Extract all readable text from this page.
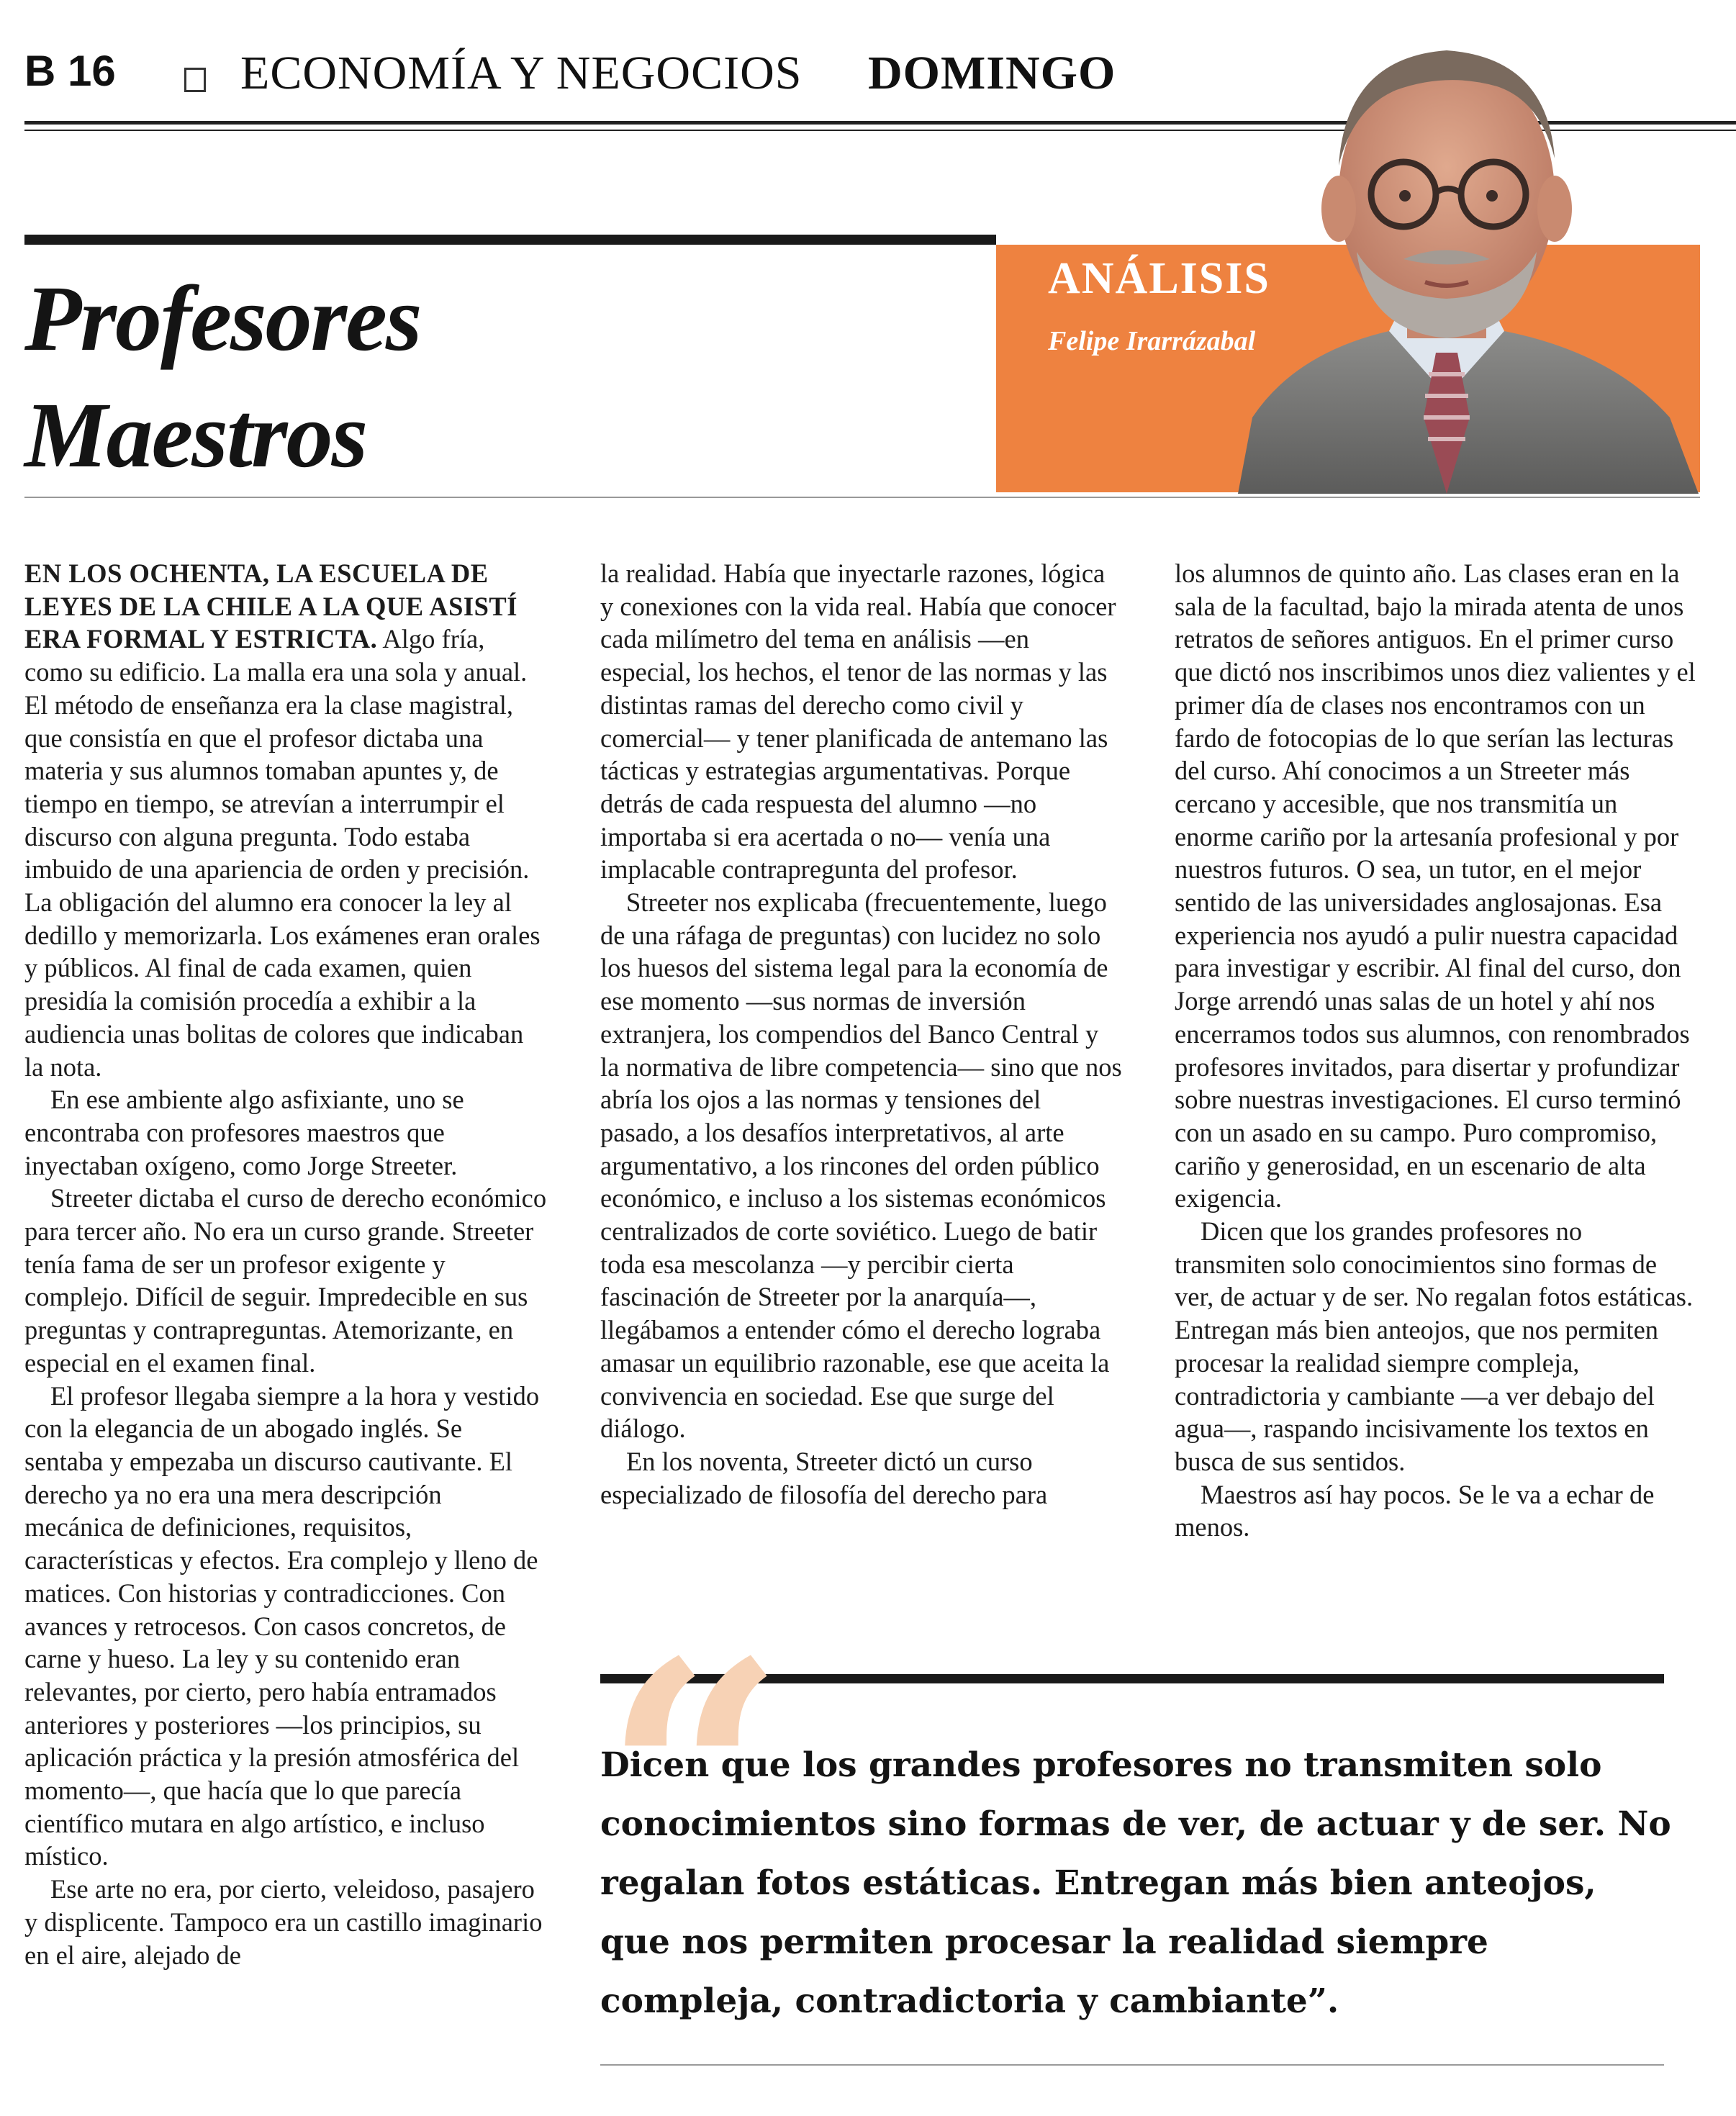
B 16	ECONOMÍA Y NEGOCIOS DOMINGO
Profesores
Maestros
ANÁLISIS
Felipe Irarrázabal

EN LOS OCHENTA, LA ESCUELA DE LEYES DE LA CHILE A LA QUE ASISTÍ ERA FORMAL Y ESTRICTA. Algo fría, como su edificio. La malla era una sola y anual. El método de enseñanza era la clase magistral, que consistía en que el profesor dictaba una materia y sus alumnos tomaban apuntes y, de tiempo en tiempo, se atrevían a interrumpir el discurso con alguna pregunta. Todo estaba imbuido de una apariencia de orden y precisión. La obligación del alumno era conocer la ley al dedillo y memorizarla. Los exámenes eran orales y públicos. Al final de cada examen, quien presidía la comisión procedía a exhibir a la audiencia unas bolitas de colores que indicaban la nota.

En ese ambiente algo asfixiante, uno se encontraba con profesores maestros que inyectaban oxígeno, como Jorge Streeter.

Streeter dictaba el curso de derecho económico para tercer año. No era un curso grande. Streeter tenía fama de ser un profesor exigente y complejo. Difícil de seguir. Impredecible en sus preguntas y contrapreguntas. Atemorizante, en especial en el examen final.

El profesor llegaba siempre a la hora y vestido con la elegancia de un abogado inglés. Se sentaba y empezaba un discurso cautivante. El derecho ya no era una mera descripción mecánica de definiciones, requisitos, características y efectos. Era complejo y lleno de matices. Con historias y contradicciones. Con avances y retrocesos. Con casos concretos, de carne y hueso. La ley y su contenido eran relevantes, por cierto, pero había entramados anteriores y posteriores —los principios, su aplicación práctica y la presión atmosférica del momento—, que hacía que lo que parecía científico mutara en algo artístico, e incluso místico.

Ese arte no era, por cierto, veleidoso, pasajero y displicente. Tampoco era un castillo imaginario en el aire, alejado de

la realidad. Había que inyectarle razones, lógica y conexiones con la vida real. Había que conocer cada milímetro del tema en análisis —en especial, los hechos, el tenor de las normas y las distintas ramas del derecho como civil y comercial— y tener planificada de antemano las tácticas y estrategias argumentativas. Porque detrás de cada respuesta del alumno —no importaba si era acertada o no— venía una implacable contrapregunta del profesor.

Streeter nos explicaba (frecuentemente, luego de una ráfaga de preguntas) con lucidez no solo los huesos del sistema legal para la economía de ese momento —sus normas de inversión extranjera, los compendios del Banco Central y la normativa de libre competencia— sino que nos abría los ojos a las normas y tensiones del pasado, a los desafíos interpretativos, al arte argumentativo, a los rincones del orden público económico, e incluso a los sistemas económicos centralizados de corte soviético. Luego de batir toda esa mescolanza —y percibir cierta fascinación de Streeter por la anarquía—, llegábamos a entender cómo el derecho lograba amasar un equilibrio razonable, ese que aceita la convivencia en sociedad. Ese que surge del diálogo.

En los noventa, Streeter dictó un curso especializado de filosofía del derecho para

los alumnos de quinto año. Las clases eran en la sala de la facultad, bajo la mirada atenta de unos retratos de señores antiguos. En el primer curso que dictó nos inscribimos unos diez valientes y el primer día de clases nos encontramos con un fardo de fotocopias de lo que serían las lecturas del curso. Ahí conocimos a un Streeter más cercano y accesible, que nos transmitía un enorme cariño por la artesanía profesional y por nuestros futuros. O sea, un tutor, en el mejor sentido de las universidades anglosajonas. Esa experiencia nos ayudó a pulir nuestra capacidad para investigar y escribir. Al final del curso, don Jorge arrendó unas salas de un hotel y ahí nos encerramos todos sus alumnos, con renombrados profesores invitados, para disertar y profundizar sobre nuestras investigaciones. El curso terminó con un asado en su campo. Puro compromiso, cariño y generosidad, en un escenario de alta exigencia.

Dicen que los grandes profesores no transmiten solo conocimientos sino formas de ver, de actuar y de ser. No regalan fotos estáticas. Entregan más bien anteojos, que nos permiten procesar la realidad siempre compleja, contradictoria y cambiante —a ver debajo del agua—, raspando incisivamente los textos en busca de sus sentidos.

Maestros así hay pocos. Se le va a echar de menos.

“

Dicen que los grandes profesores no transmiten solo conocimientos sino formas de ver, de actuar y de ser. No regalan fotos estáticas. Entregan más bien anteojos, que nos permiten procesar la realidad siempre compleja, contradictoria y cambiante”.
